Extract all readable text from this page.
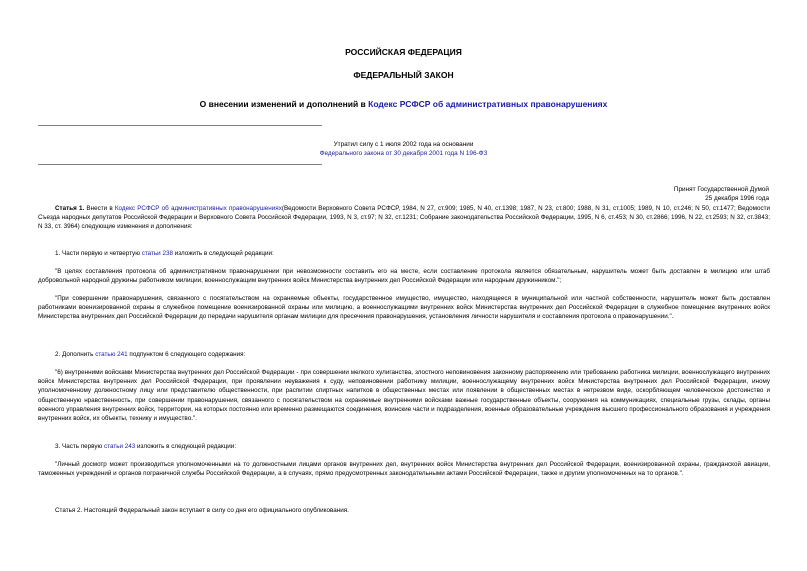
РОССИЙСКАЯ ФЕДЕРАЦИЯ
ФЕДЕРАЛЬНЫЙ ЗАКОН
О внесении изменений и дополнений в Кодекс РСФСР об административных правонарушениях
Утратил силу с 1 июля 2002 года на основании
Федерального закона от 30 декабря 2001 года N 196-ФЗ
Принят Государственной Думой
25 декабря 1996 года
Статья 1. Внести в Кодекс РСФСР об административных правонарушениях(Ведомости Верховного Совета РСФСР, 1984, N 27, ст.909; 1985, N 40, ст.1398; 1987, N 23, ст.800; 1988, N 31, ст.1005; 1989, N 10, ст.246; N 50, ст.1477; Ведомости Съезда народных депутатов Российской Федерации и Верховного Совета Российской Федерации, 1993, N 3, ст.97; N 32, ст.1231; Собрание законодательства Российской Федерации, 1995, N 6, ст.453; N 30, ст.2866; 1996, N 22, ст.2593; N 32, ст.3843; N 33, ст. 3964) следующие изменения и дополнения:
1. Части первую и четвертую статьи 238 изложить в следующей редакции:
"В целях составления протокола об административном правонарушении при невозможности составить его на месте, если составление протокола является обязательным, нарушитель может быть доставлен в милицию или штаб добровольной народной дружины работником милиции, военнослужащим внутренних войск Министерства внутренних дел Российской Федерации или народным дружинником.";
"При совершении правонарушения, связанного с посягательством на охраняемые объекты, государственное имущество, имущество, находящееся в муниципальной или частной собственности, нарушитель может быть доставлен работниками военизированной охраны в служебное помещение военизированной охраны или милицию, а военнослужащими внутренних войск Министерства внутренних дел Российской Федерации в служебное помещение внутренних войск Министерства внутренних дел Российской Федерации до передачи нарушителя органам милиции для пресечения правонарушения, установления личности нарушителя и составления протокола о правонарушении.".
2. Дополнить статью 241 подпунктом 6 следующего содержания:
"6) внутренними войсками Министерства внутренних дел Российской Федерации - при совершении мелкого хулиганства, злостного неповиновения законному распоряжению или требованию работника милиции, военнослужащего внутренних войск Министерства внутренних дел Российской Федерации, при проявлении неуважения к суду, неповиновении работнику милиции, военнослужащему внутренних войск Министерства внутренних дел Российской Федерации, иному уполномоченному должностному лицу или представителю общественности, при распитии спиртных напитков в общественных местах или появлении в общественных местах в нетрезвом виде, оскорбляющем человеческое достоинство и общественную нравственность, при совершении правонарушения, связанного с посягательством на охраняемые внутренними войсками важные государственные объекты, сооружения на коммуникациях, специальные грузы, склады, органы военного управления внутренних войск, территории, на которых постоянно или временно размещаются соединения, воинские части и подразделения, военные образовательные учреждения высшего профессионального образования и учреждения внутренних войск, их объекты, технику и имущество.".
3. Часть первую статьи 243 изложить в следующей редакции:
"Личный досмотр может производиться уполномоченными на то должностными лицами органов внутренних дел, внутренних войск Министерства внутренних дел Российской Федерации, военизированной охраны, гражданской авиации, таможенных учреждений и органов пограничной службы Российской Федерации, а в случаях, прямо предусмотренных законодательными актами Российской Федерации, также и другим уполномоченных на то органов.".
Статья 2. Настоящий Федеральный закон вступает в силу со дня его официального опубликования.
